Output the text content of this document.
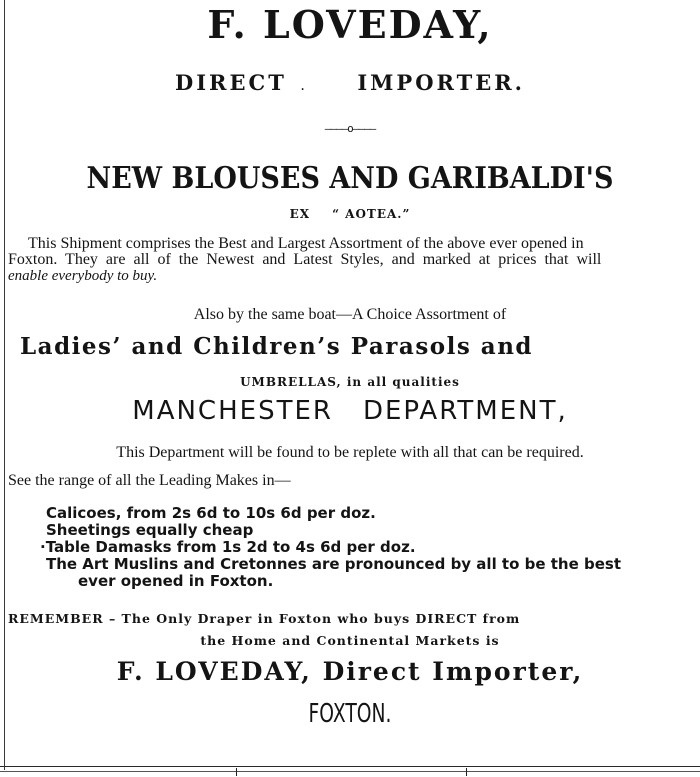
F. LOVEDAY,
DIRECT . IMPORTER.
————o————
NEW BLOUSES AND GARIBALDI'S
EX “ AOTEA.”
This Shipment comprises the Best and Largest Assortment of the above ever opened in
Foxton. They are all of the Newest and Latest Styles, and marked at prices that will
enable everybody to buy.
Also by the same boat—A Choice Assortment of
Ladies’ and Children’s Parasols and
UMBRELLAS, in all qualities
MANCHESTER DEPARTMENT,
This Department will be found to be replete with all that can be required.
See the range of all the Leading Makes in—
Calicoes, from 2s 6d to 10s 6d per doz.
Sheetings equally cheap
·Table Damasks from 1s 2d to 4s 6d per doz.
The Art Muslins and Cretonnes are pronounced by all to be the best
ever opened in Foxton.
REMEMBER – The Only Draper in Foxton who buys DIRECT from
the Home and Continental Markets is
F. LOVEDAY, Direct Importer,
FOXTON.
